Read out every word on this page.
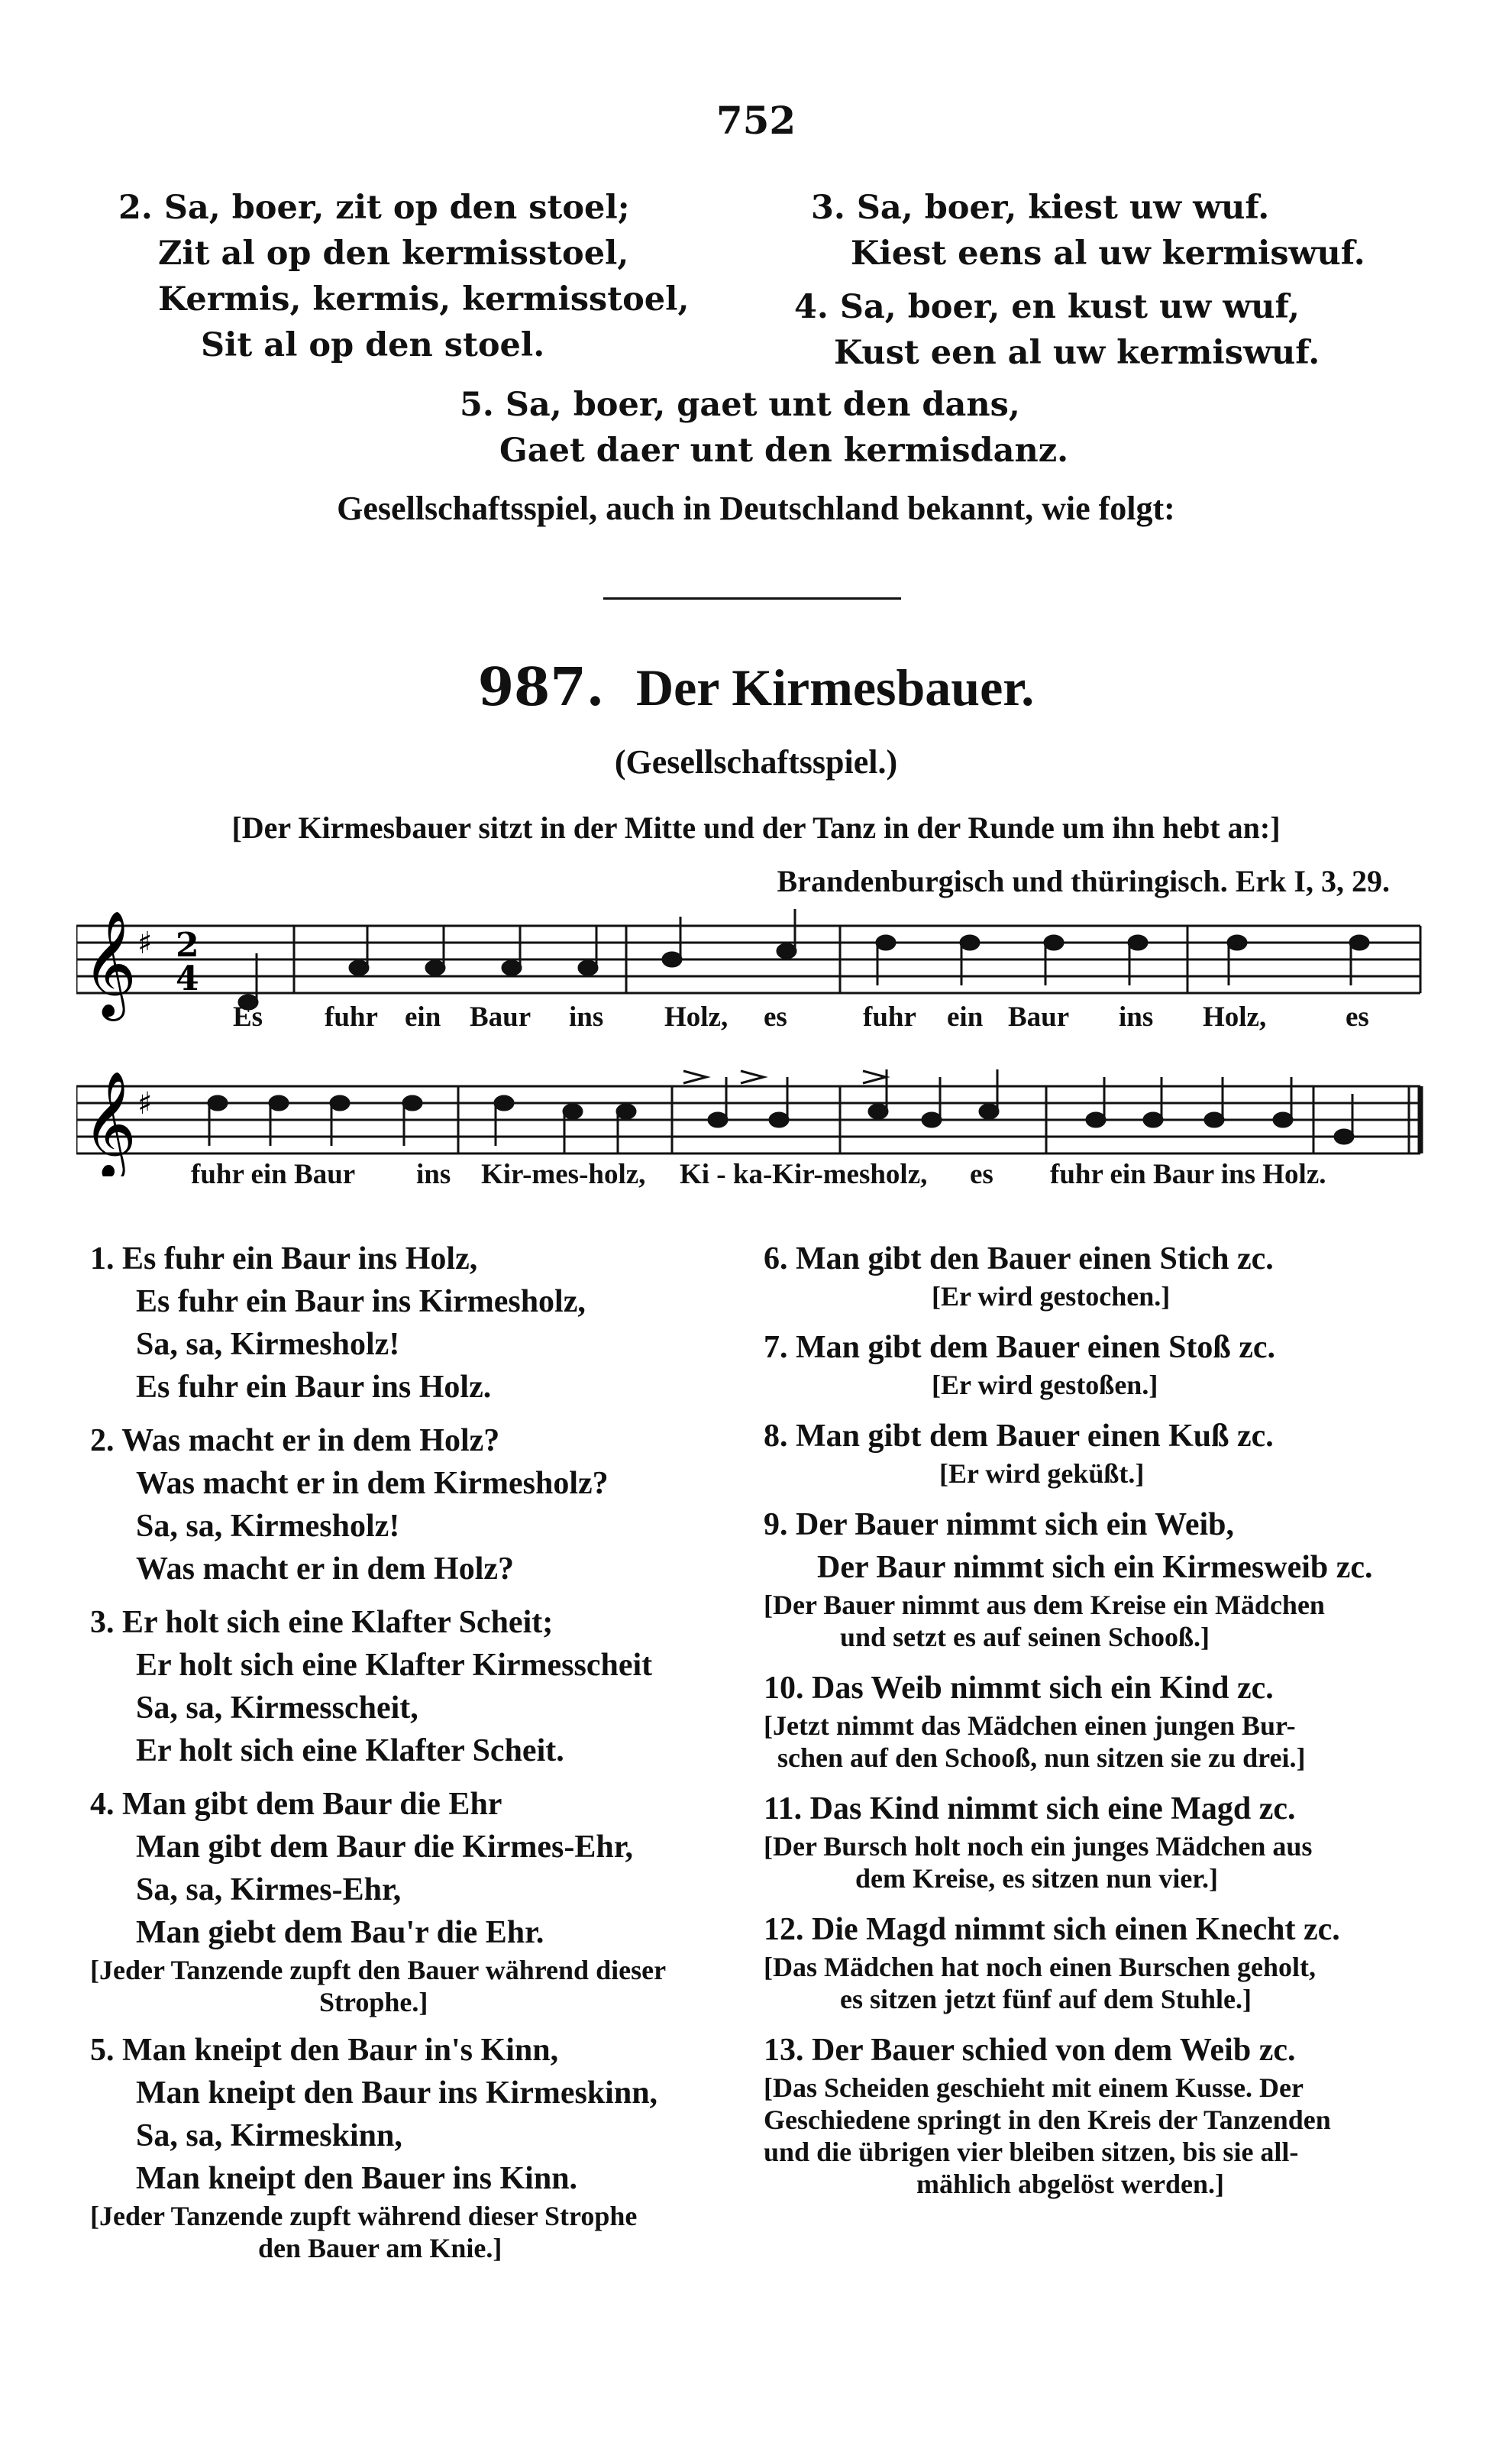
752
2. Sa, boer, zit op den stoel;
Zit al op den kermisstoel,
Kermis, kermis, kermisstoel,
Sit al op den stoel.
3. Sa, boer, kiest uw wuf.
Kiest eens al uw kermiswuf.
4. Sa, boer, en kust uw wuf,
Kust een al uw kermiswuf.
5. Sa, boer, gaet unt den dans,
Gaet daer unt den kermisdanz.
Gesellschaftsspiel, auch in Deutschland bekannt, wie folgt:
987. Der Kirmesbauer.
(Gesellschaftsspiel.)
[Der Kirmesbauer sitzt in der Mitte und der Tanz in der Runde um ihn hebt an:]
Brandenburgisch und thüringisch. Erk I, 3, 29.
𝄞 ♯ 2
4
Es fuhr ein Baur ins Holz, es	fuhr ein Baur ins Holz,	es
𝄞 ♯
fuhr ein Baur ins Kir-mes-holz, Ki - ka-Kir-mesholz, es fuhr ein Baur ins Holz.
1. Es fuhr ein Baur ins Holz,
Es fuhr ein Baur ins Kirmesholz,
Sa, sa, Kirmesholz!
Es fuhr ein Baur ins Holz.
2. Was macht er in dem Holz?
Was macht er in dem Kirmesholz?
Sa, sa, Kirmesholz!
Was macht er in dem Holz?
3. Er holt sich eine Klafter Scheit;
Er holt sich eine Klafter Kirmesscheit
Sa, sa, Kirmesscheit,
Er holt sich eine Klafter Scheit.
4. Man gibt dem Baur die Ehr
Man gibt dem Baur die Kirmes-Ehr,
Sa, sa, Kirmes-Ehr,
Man giebt dem Bau'r die Ehr.
[Jeder Tanzende zupft den Bauer während dieser
Strophe.]
5. Man kneipt den Baur in's Kinn,
Man kneipt den Baur ins Kirmeskinn,
Sa, sa, Kirmeskinn,
Man kneipt den Bauer ins Kinn.
[Jeder Tanzende zupft während dieser Strophe
den Bauer am Knie.]
6. Man gibt den Bauer einen Stich zc.
[Er wird gestochen.]
7. Man gibt dem Bauer einen Stoß zc.
[Er wird gestoßen.]
8. Man gibt dem Bauer einen Kuß zc.
[Er wird geküßt.]
9. Der Bauer nimmt sich ein Weib,
Der Baur nimmt sich ein Kirmesweib zc.
[Der Bauer nimmt aus dem Kreise ein Mädchen
und setzt es auf seinen Schooß.]
10. Das Weib nimmt sich ein Kind zc.
[Jetzt nimmt das Mädchen einen jungen Bur-
schen auf den Schooß, nun sitzen sie zu drei.]
11. Das Kind nimmt sich eine Magd zc.
[Der Bursch holt noch ein junges Mädchen aus
dem Kreise, es sitzen nun vier.]
12. Die Magd nimmt sich einen Knecht zc.
[Das Mädchen hat noch einen Burschen geholt,
es sitzen jetzt fünf auf dem Stuhle.]
13. Der Bauer schied von dem Weib zc.
[Das Scheiden geschieht mit einem Kusse. Der
Geschiedene springt in den Kreis der Tanzenden
und die übrigen vier bleiben sitzen, bis sie all-
mählich abgelöst werden.]
